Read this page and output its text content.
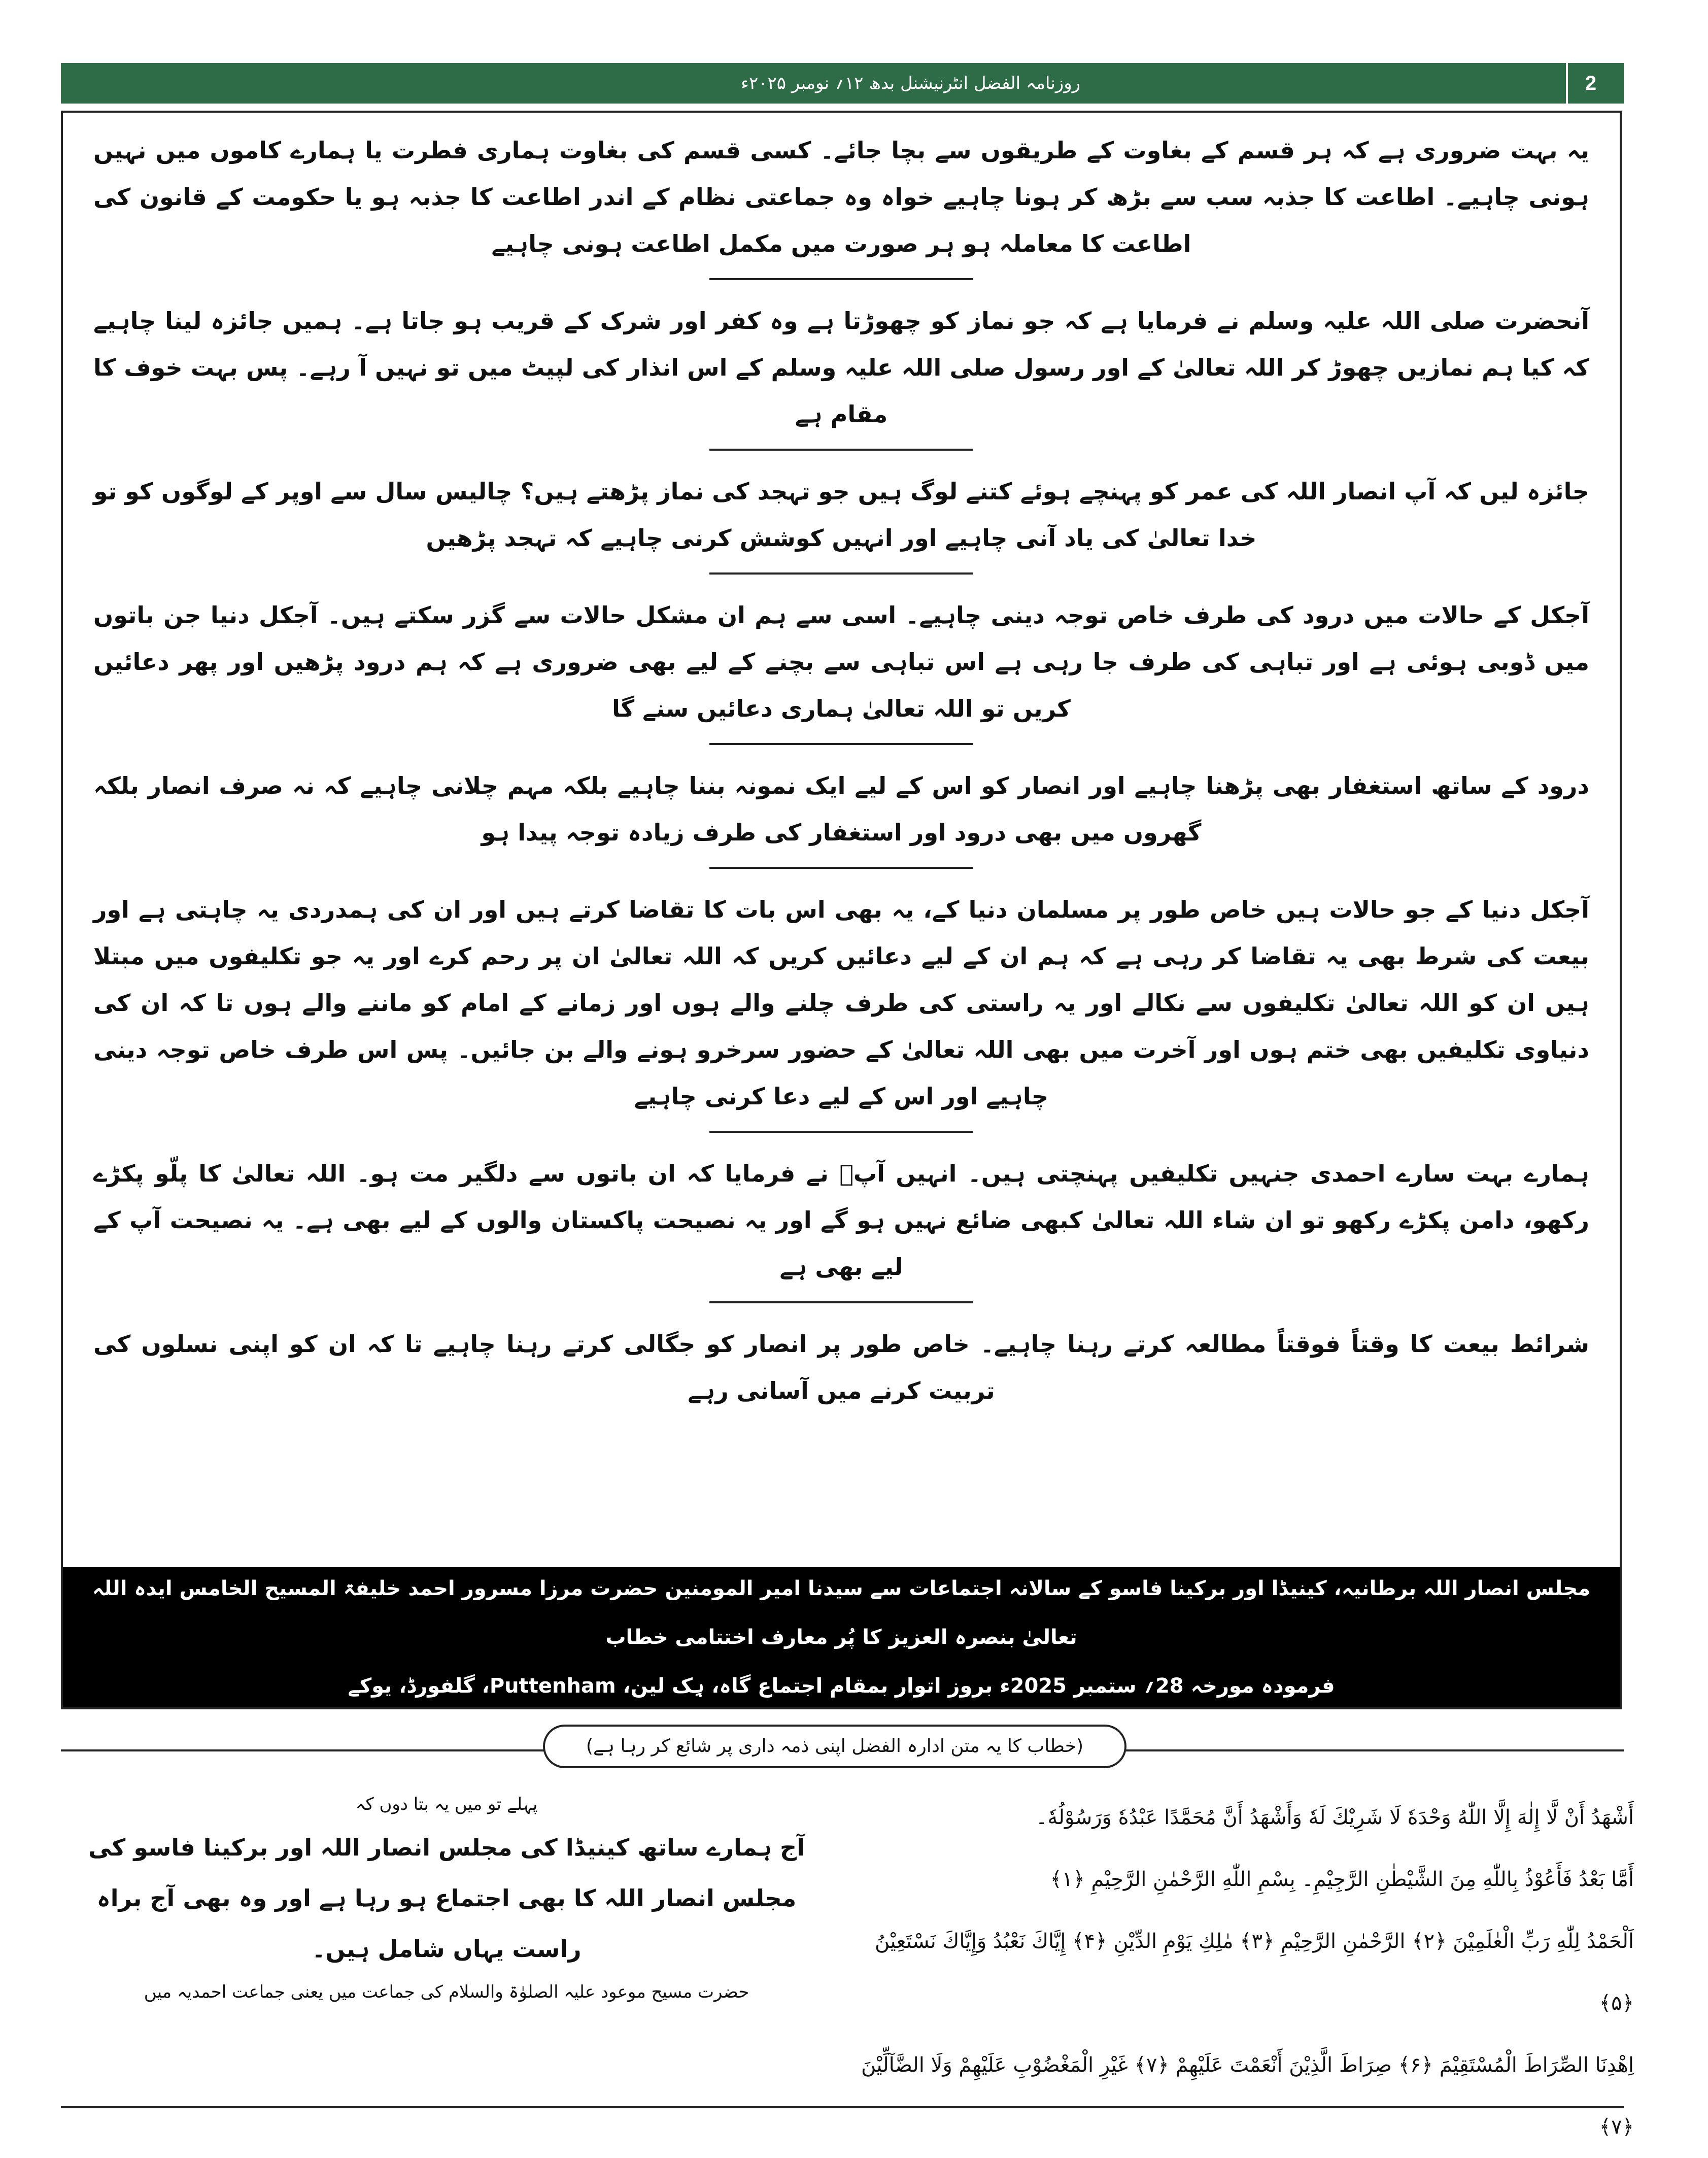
روزنامہ الفضل انٹرنیشنل بدھ ۱۲؍ نومبر ۲۰۲۵ء	2

یہ بہت ضروری ہے کہ ہر قسم کے بغاوت کے طریقوں سے بچا جائے۔ کسی قسم کی بغاوت ہماری فطرت یا ہمارے کاموں میں نہیں ہونی چاہیے۔ اطاعت کا جذبہ سب سے بڑھ کر ہونا چاہیے خواہ وہ جماعتی نظام کے اندر اطاعت کا جذبہ ہو یا حکومت کے قانون کی اطاعت کا معاملہ ہو ہر صورت میں مکمل اطاعت ہونی چاہیے

آنحضرت صلی اللہ علیہ وسلم نے فرمایا ہے کہ جو نماز کو چھوڑتا ہے وہ کفر اور شرک کے قریب ہو جاتا ہے۔ ہمیں جائزہ لینا چاہیے کہ کیا ہم نمازیں چھوڑ کر اللہ تعالیٰ کے اور رسول صلی اللہ علیہ وسلم کے اس انذار کی لپیٹ میں تو نہیں آ رہے۔ پس بہت خوف کا مقام ہے

جائزہ لیں کہ آپ انصار اللہ کی عمر کو پہنچے ہوئے کتنے لوگ ہیں جو تہجد کی نماز پڑھتے ہیں؟ چالیس سال سے اوپر کے لوگوں کو تو خدا تعالیٰ کی یاد آنی چاہیے اور انہیں کوشش کرنی چاہیے کہ تہجد پڑھیں

آجکل کے حالات میں درود کی طرف خاص توجہ دینی چاہیے۔ اسی سے ہم ان مشکل حالات سے گزر سکتے ہیں۔ آجکل دنیا جن باتوں میں ڈوبی ہوئی ہے اور تباہی کی طرف جا رہی ہے اس تباہی سے بچنے کے لیے بھی ضروری ہے کہ ہم درود پڑھیں اور پھر دعائیں کریں تو اللہ تعالیٰ ہماری دعائیں سنے گا

درود کے ساتھ استغفار بھی پڑھنا چاہیے اور انصار کو اس کے لیے ایک نمونہ بننا چاہیے بلکہ مہم چلانی چاہیے کہ نہ صرف انصار بلکہ گھروں میں بھی درود اور استغفار کی طرف زیادہ توجہ پیدا ہو

آجکل دنیا کے جو حالات ہیں خاص طور پر مسلمان دنیا کے، یہ بھی اس بات کا تقاضا کرتے ہیں اور ان کی ہمدردی یہ چاہتی ہے اور بیعت کی شرط بھی یہ تقاضا کر رہی ہے کہ ہم ان کے لیے دعائیں کریں کہ اللہ تعالیٰ ان پر رحم کرے اور یہ جو تکلیفوں میں مبتلا ہیں ان کو اللہ تعالیٰ تکلیفوں سے نکالے اور یہ راستی کی طرف چلنے والے ہوں اور زمانے کے امام کو ماننے والے ہوں تا کہ ان کی دنیاوی تکلیفیں بھی ختم ہوں اور آخرت میں بھی اللہ تعالیٰ کے حضور سرخرو ہونے والے بن جائیں۔ پس اس طرف خاص توجہ دینی چاہیے اور اس کے لیے دعا کرنی چاہیے

ہمارے بہت سارے احمدی جنہیں تکلیفیں پہنچتی ہیں۔ انہیں آپؑ نے فرمایا کہ ان باتوں سے دلگیر مت ہو۔ اللہ تعالیٰ کا پلّو پکڑے رکھو، دامن پکڑے رکھو تو ان شاء اللہ تعالیٰ کبھی ضائع نہیں ہو گے اور یہ نصیحت پاکستان والوں کے لیے بھی ہے۔ یہ نصیحت آپ کے لیے بھی ہے

شرائط بیعت کا وقتاً فوقتاً مطالعہ کرتے رہنا چاہیے۔ خاص طور پر انصار کو جگالی کرتے رہنا چاہیے تا کہ ان کو اپنی نسلوں کی تربیت کرنے میں آسانی رہے

مجلس انصار اللہ برطانیہ، کینیڈا اور برکینا فاسو کے سالانہ اجتماعات سے سیدنا امیر المومنین حضرت مرزا مسرور احمد خلیفۃ المسیح الخامس ایدہ اللہ تعالیٰ بنصرہ العزیز کا پُر معارف اختتامی خطاب

فرمودہ مورخہ 28؍ ستمبر 2025ء بروز اتوار بمقام اجتماع گاہ، ہِک لین، Puttenham، گلفورڈ، یوکے

(خطاب کا یہ متن ادارہ الفضل اپنی ذمہ داری پر شائع کر رہا ہے)

أَشْهَدُ أَنْ لَّا إِلٰهَ إِلَّا اللّٰهُ وَحْدَهٗ لَا شَرِيْكَ لَهٗ وَأَشْهَدُ أَنَّ مُحَمَّدًا عَبْدُهٗ وَرَسُوْلُهٗ۔

أَمَّا بَعْدُ فَأَعُوْذُ بِاللّٰهِ مِنَ الشَّيْطٰنِ الرَّجِيْمِ۔ بِسْمِ اللّٰهِ الرَّحْمٰنِ الرَّحِيْمِ ﴿۱﴾

اَلْحَمْدُ لِلّٰهِ رَبِّ الْعٰلَمِيْنَ ﴿۲﴾ الرَّحْمٰنِ الرَّحِيْمِ ﴿۳﴾ مٰلِكِ يَوْمِ الدِّيْنِ ﴿۴﴾ إِيَّاكَ نَعْبُدُ وَإِيَّاكَ نَسْتَعِيْنُ ﴿۵﴾

اِهْدِنَا الصِّرَاطَ الْمُسْتَقِيْمَ ﴿۶﴾ صِرَاطَ الَّذِيْنَ أَنْعَمْتَ عَلَيْهِمْ ﴿۷﴾ غَيْرِ الْمَغْضُوْبِ عَلَيْهِمْ وَلَا الضَّآلِّيْنَ ﴿۷﴾

پہلے تو میں یہ بتا دوں کہ

آج ہمارے ساتھ کینیڈا کی مجلس انصار اللہ اور برکینا فاسو کی مجلس انصار اللہ کا بھی اجتماع ہو رہا ہے اور وہ بھی آج براہ راست یہاں شامل ہیں۔

حضرت مسیح موعود علیہ الصلوٰۃ والسلام کی جماعت میں یعنی جماعت احمدیہ میں
